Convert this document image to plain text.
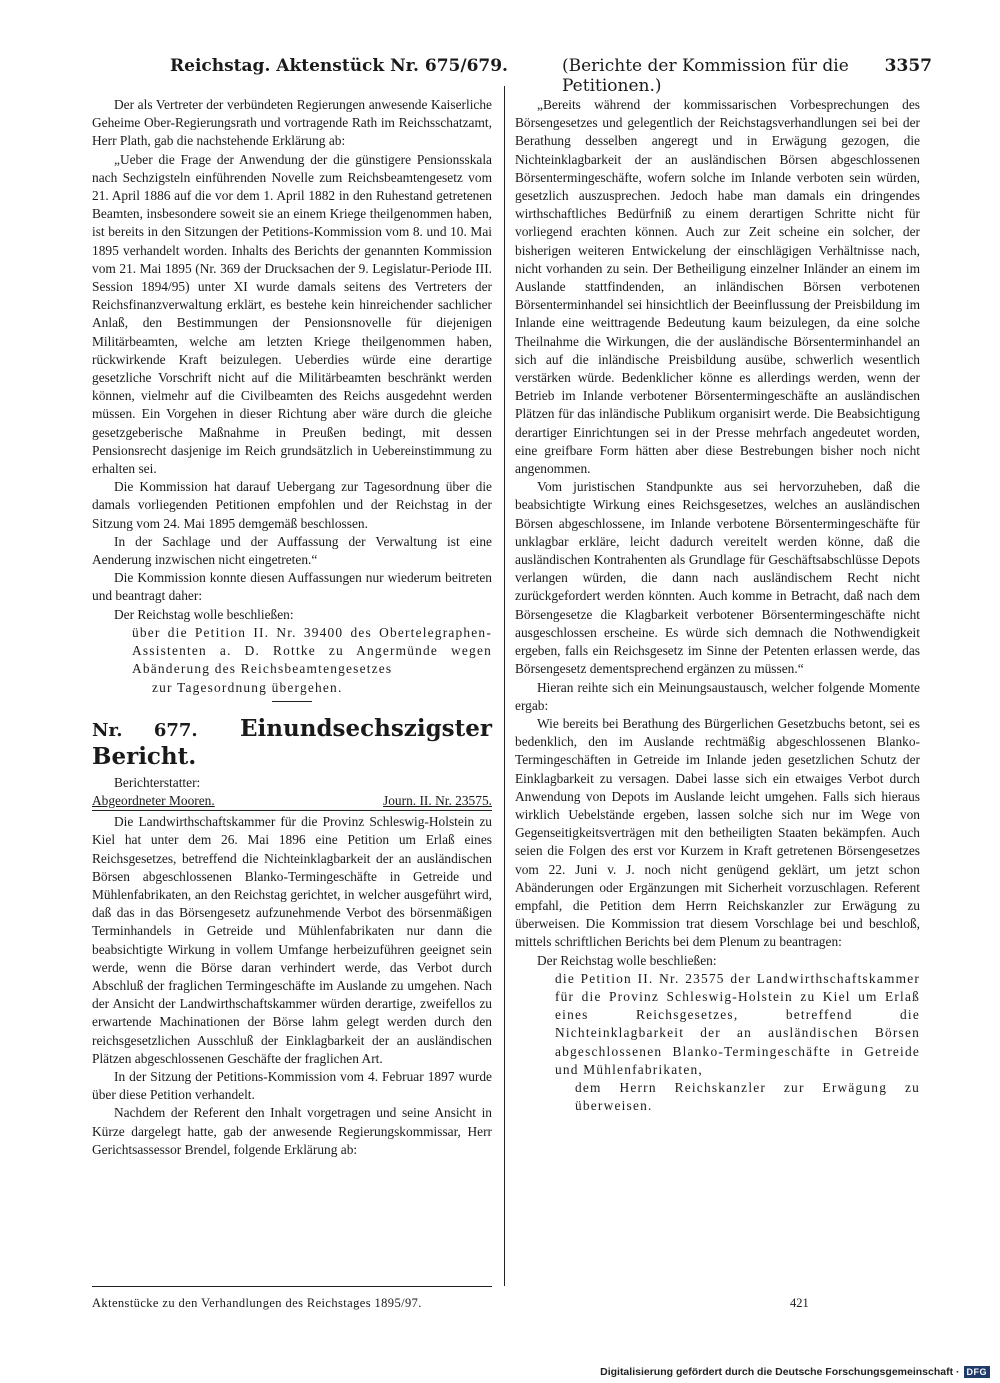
Reichstag. Aktenstück Nr. 675/679.	(Berichte der Kommission für die Petitionen.)
3357

Der als Vertreter der verbündeten Regierungen anwesende Kaiserliche Geheime Ober-Regierungsrath und vortragende Rath im Reichsschatzamt, Herr Plath, gab die nachstehende Erklärung ab:

„Ueber die Frage der Anwendung der die günstigere Pensionsskala nach Sechzigsteln einführenden Novelle zum Reichsbeamtengesetz vom 21. April 1886 auf die vor dem 1. April 1882 in den Ruhestand getretenen Beamten, insbesondere soweit sie an einem Kriege theilgenommen haben, ist bereits in den Sitzungen der Petitions-Kommission vom 8. und 10. Mai 1895 verhandelt worden. Inhalts des Berichts der genannten Kommission vom 21. Mai 1895 (Nr. 369 der Drucksachen der 9. Legislatur-Periode III. Session 1894/95) unter XI wurde damals seitens des Vertreters der Reichsfinanzverwaltung erklärt, es bestehe kein hinreichender sachlicher Anlaß, den Bestimmungen der Pensionsnovelle für diejenigen Militärbeamten, welche am letzten Kriege theilgenommen haben, rückwirkende Kraft beizulegen. Ueberdies würde eine derartige gesetzliche Vorschrift nicht auf die Militärbeamten beschränkt werden können, vielmehr auf die Civilbeamten des Reichs ausgedehnt werden müssen. Ein Vorgehen in dieser Richtung aber wäre durch die gleiche gesetzgeberische Maßnahme in Preußen bedingt, mit dessen Pensionsrecht dasjenige im Reich grundsätzlich in Uebereinstimmung zu erhalten sei.

Die Kommission hat darauf Uebergang zur Tagesordnung über die damals vorliegenden Petitionen empfohlen und der Reichstag in der Sitzung vom 24. Mai 1895 demgemäß beschlossen.

In der Sachlage und der Auffassung der Verwaltung ist eine Aenderung inzwischen nicht eingetreten.“

Die Kommission konnte diesen Auffassungen nur wiederum beitreten und beantragt daher:

Der Reichstag wolle beschließen:

über die Petition II. Nr. 39400 des Obertelegraphen-Assistenten a. D. Rottke zu Angermünde wegen Abänderung des Reichsbeamtengesetzes

zur Tagesordnung übergehen.

Nr. 677. Einundsechszigster Bericht.

Berichterstatter:

Abgeordneter Mooren.	Journ. II. Nr. 23575.

Die Landwirthschaftskammer für die Provinz Schleswig-Holstein zu Kiel hat unter dem 26. Mai 1896 eine Petition um Erlaß eines Reichsgesetzes, betreffend die Nichteinklagbarkeit der an ausländischen Börsen abgeschlossenen Blanko-Termingeschäfte in Getreide und Mühlenfabrikaten, an den Reichstag gerichtet, in welcher ausgeführt wird, daß das in das Börsengesetz aufzunehmende Verbot des börsenmäßigen Terminhandels in Getreide und Mühlenfabrikaten nur dann die beabsichtigte Wirkung in vollem Umfange herbeizuführen geeignet sein werde, wenn die Börse daran verhindert werde, das Verbot durch Abschluß der fraglichen Termingeschäfte im Auslande zu umgehen. Nach der Ansicht der Landwirthschaftskammer würden derartige, zweifellos zu erwartende Machinationen der Börse lahm gelegt werden durch den reichsgesetzlichen Ausschluß der Einklagbarkeit der an ausländischen Plätzen abgeschlossenen Geschäfte der fraglichen Art.

In der Sitzung der Petitions-Kommission vom 4. Februar 1897 wurde über diese Petition verhandelt.

Nachdem der Referent den Inhalt vorgetragen und seine Ansicht in Kürze dargelegt hatte, gab der anwesende Regierungskommissar, Herr Gerichtsassessor Brendel, folgende Erklärung ab:

„Bereits während der kommissarischen Vorbesprechungen des Börsengesetzes und gelegentlich der Reichstagsverhandlungen sei bei der Berathung desselben angeregt und in Erwägung gezogen, die Nichteinklagbarkeit der an ausländischen Börsen abgeschlossenen Börsentermingeschäfte, wofern solche im Inlande verboten sein würden, gesetzlich auszusprechen. Jedoch habe man damals ein dringendes wirthschaftliches Bedürfniß zu einem derartigen Schritte nicht für vorliegend erachten können. Auch zur Zeit scheine ein solcher, der bisherigen weiteren Entwickelung der einschlägigen Verhältnisse nach, nicht vorhanden zu sein. Der Betheiligung einzelner Inländer an einem im Auslande stattfindenden, an inländischen Börsen verbotenen Börsenterminhandel sei hinsichtlich der Beeinflussung der Preisbildung im Inlande eine weittragende Bedeutung kaum beizulegen, da eine solche Theilnahme die Wirkungen, die der ausländische Börsenterminhandel an sich auf die inländische Preisbildung ausübe, schwerlich wesentlich verstärken würde. Bedenklicher könne es allerdings werden, wenn der Betrieb im Inlande verbotener Börsentermingeschäfte an ausländischen Plätzen für das inländische Publikum organisirt werde. Die Beabsichtigung derartiger Einrichtungen sei in der Presse mehrfach angedeutet worden, eine greifbare Form hätten aber diese Bestrebungen bisher noch nicht angenommen.

Vom juristischen Standpunkte aus sei hervorzuheben, daß die beabsichtigte Wirkung eines Reichsgesetzes, welches an ausländischen Börsen abgeschlossene, im Inlande verbotene Börsentermingeschäfte für unklagbar erkläre, leicht dadurch vereitelt werden könne, daß die ausländischen Kontrahenten als Grundlage für Geschäftsabschlüsse Depots verlangen würden, die dann nach ausländischem Recht nicht zurückgefordert werden könnten. Auch komme in Betracht, daß nach dem Börsengesetze die Klagbarkeit verbotener Börsentermingeschäfte nicht ausgeschlossen erscheine. Es würde sich demnach die Nothwendigkeit ergeben, falls ein Reichsgesetz im Sinne der Petenten erlassen werde, das Börsengesetz dementsprechend ergänzen zu müssen.“

Hieran reihte sich ein Meinungsaustausch, welcher folgende Momente ergab:

Wie bereits bei Berathung des Bürgerlichen Gesetzbuchs betont, sei es bedenklich, den im Auslande rechtmäßig abgeschlossenen Blanko-Termingeschäften in Getreide im Inlande jeden gesetzlichen Schutz der Einklagbarkeit zu versagen. Dabei lasse sich ein etwaiges Verbot durch Anwendung von Depots im Auslande leicht umgehen. Falls sich hieraus wirklich Uebelstände ergeben, lassen solche sich nur im Wege von Gegenseitigkeitsverträgen mit den betheiligten Staaten bekämpfen. Auch seien die Folgen des erst vor Kurzem in Kraft getretenen Börsengesetzes vom 22. Juni v. J. noch nicht genügend geklärt, um jetzt schon Abänderungen oder Ergänzungen mit Sicherheit vorzuschlagen. Referent empfahl, die Petition dem Herrn Reichskanzler zur Erwägung zu überweisen. Die Kommission trat diesem Vorschlage bei und beschloß, mittels schriftlichen Berichts bei dem Plenum zu beantragen:

Der Reichstag wolle beschließen:

die Petition II. Nr. 23575 der Landwirthschaftskammer für die Provinz Schleswig-Holstein zu Kiel um Erlaß eines Reichsgesetzes, betreffend die Nichteinklagbarkeit der an ausländischen Börsen abgeschlossenen Blanko-Termingeschäfte in Getreide und Mühlenfabrikaten,

dem Herrn Reichskanzler zur Erwägung zu überweisen.

Aktenstücke zu den Verhandlungen des Reichstages 1895/97.	421
Digitalisierung gefördert durch die Deutsche Forschungsgemeinschaft · DFG
